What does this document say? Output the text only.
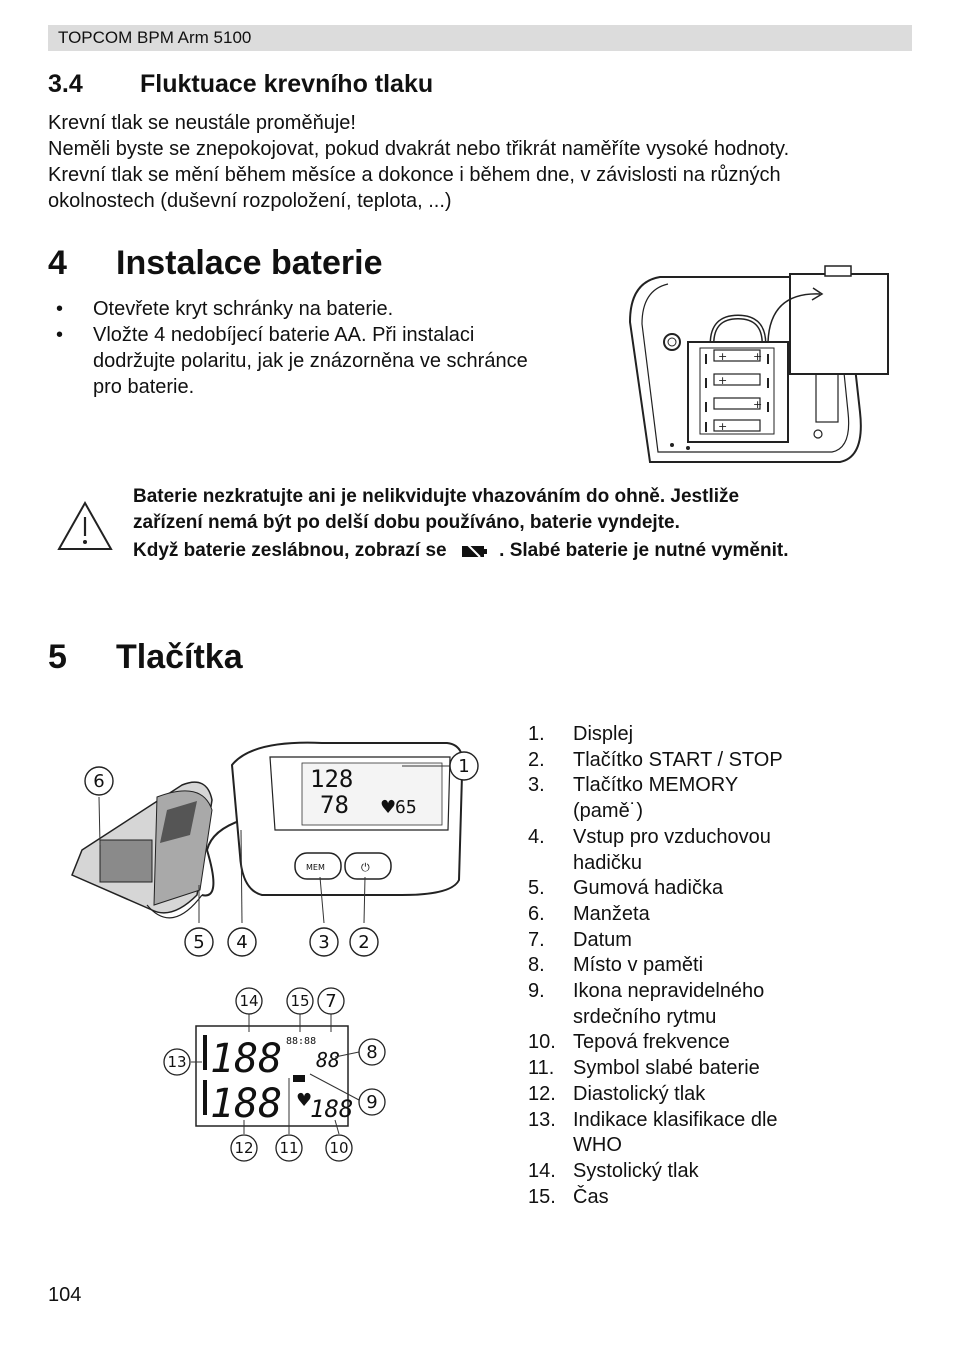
TOPCOM BPM Arm 5100
3.4 Fluktuace krevního tlaku
Krevní tlak se neustále proměňuje!
Neměli byste se znepokojovat, pokud dvakrát nebo třikrát naměříte vysoké hodnoty.
Krevní tlak se mění během měsíce a dokonce i během dne, v závislosti na různých
okolnostech (duševní rozpoložení, teplota, ...)
4 Instalace baterie
• Otevřete kryt schránky na baterie.
• Vložte 4 nedobíjecí baterie AA. Při instalaci
dodržujte polaritu, jak je znázorněna ve schránce
pro baterie.
+ +
+
+
+
Baterie nezkratujte ani je nelikvidujte vhazováním do ohně. Jestliže
zařízení nemá být po delší dobu používáno, baterie vyndejte.
Když baterie zeslábnou, zobrazí se	. Slabé baterie je nutné vyměnit.
5 Tlačítka
128
78 ♥
65
MEM	⏻
6
1
5 4	3 2
188
188
88:88
88
♥
188
14 15 7
13	8
9
12 11 10
1. Displej
2. Tlačítko START / STOP
3. Tlačítko MEMORY
(pamě˙)
4. Vstup pro vzduchovou
hadičku
5. Gumová hadička
6. Manžeta
7. Datum
8. Místo v paměti
9. Ikona nepravidelného
srdečního rytmu
10. Tepová frekvence
11. Symbol slabé baterie
12. Diastolický tlak
13. Indikace klasifikace dle
WHO
14. Systolický tlak
15. Čas
104
